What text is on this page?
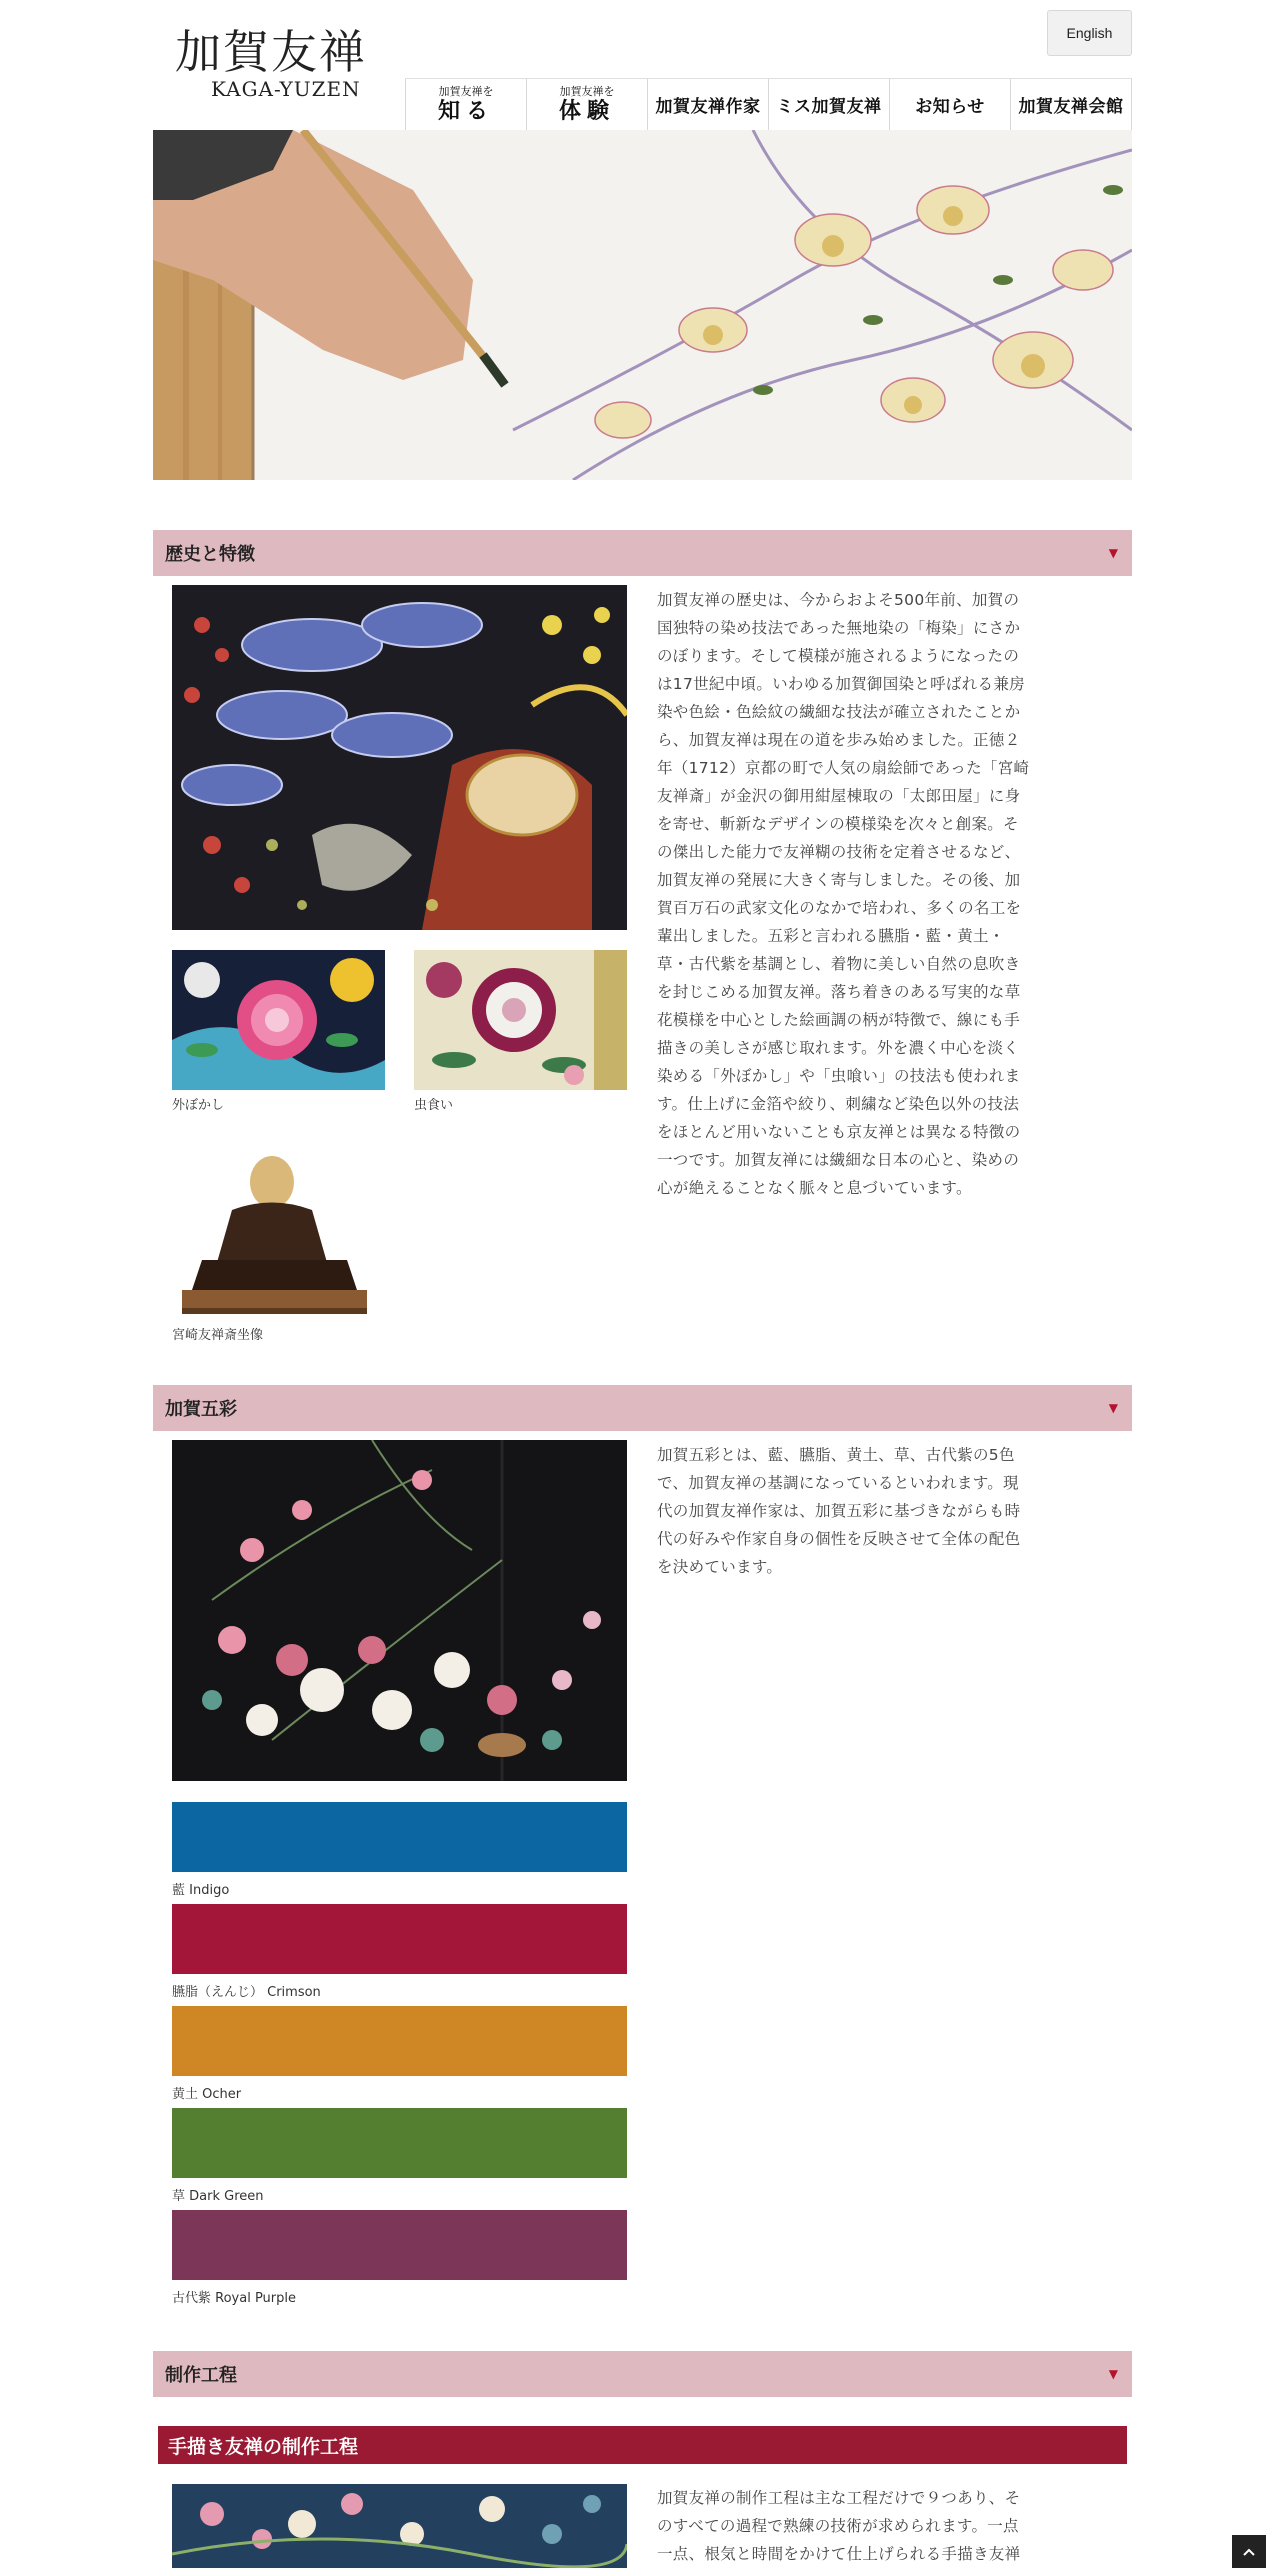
加賀友禅
KAGA-YUZEN
English
加賀友禅を
知る
加賀友禅を
体験 加賀友禅作家 ミス加賀友禅 お知らせ 加賀友禅会館
歴史と特徴	▼
外ぼかし	虫食い
宮崎友禅斎坐像
加賀友禅の歴史は、今からおよそ500年前、加賀の国独特の染め技法であった無地染の「梅染」にさかのぼります。そして模様が施されるようになったのは17世紀中頃。いわゆる加賀御国染と呼ばれる兼房染や色絵・色絵紋の繊細な技法が確立されたことから、加賀友禅は現在の道を歩み始めました。正徳２年（1712）京都の町で人気の扇絵師であった「宮崎友禅斎」が金沢の御用紺屋棟取の「太郎田屋」に身を寄せ、斬新なデザインの模様染を次々と創案。その傑出した能力で友禅糊の技術を定着させるなど、加賀友禅の発展に大きく寄与しました。その後、加賀百万石の武家文化のなかで培われ、多くの名工を輩出しました。五彩と言われる臙脂・藍・黄土・草・古代紫を基調とし、着物に美しい自然の息吹きを封じこめる加賀友禅。落ち着きのある写実的な草花模様を中心とした絵画調の柄が特徴で、線にも手描きの美しさが感じ取れます。外を濃く中心を淡く染める「外ぼかし」や「虫喰い」の技法も使われます。仕上げに金箔や絞り、刺繍など染色以外の技法をほとんど用いないことも京友禅とは異なる特徴の一つです。加賀友禅には繊細な日本の心と、染めの心が絶えることなく脈々と息づいています。
加賀五彩	▼
加賀五彩とは、藍、臙脂、黄土、草、古代紫の5色で、加賀友禅の基調になっているといわれます。現代の加賀友禅作家は、加賀五彩に基づきながらも時代の好みや作家自身の個性を反映させて全体の配色を決めています。
藍 Indigo
臙脂（えんじ） Crimson
黄土 Ocher
草 Dark Green
古代紫 Royal Purple
制作工程	▼
手描き友禅の制作工程
加賀友禅の制作工程は主な工程だけで９つあり、そのすべての過程で熟練の技術が求められます。一点一点、根気と時間をかけて仕上げられる手描き友禅
